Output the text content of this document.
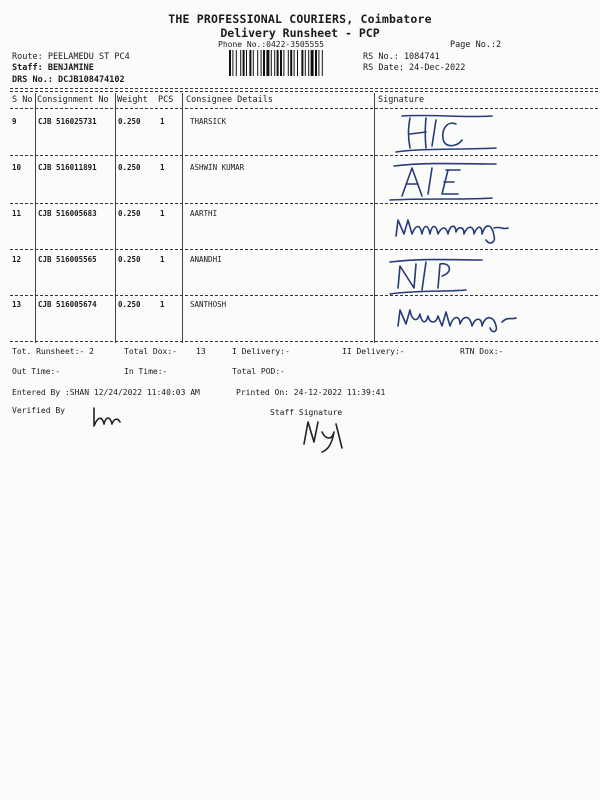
THE PROFESSIONAL COURIERS, Coimbatore
Delivery Runsheet - PCP
Phone No.:0422-3505555	Page No.:2
Route: PEELAMEDU ST PC4
Staff: BENJAMINE
DRS No.: DCJB108474102
RS No.: 1084741
RS Date: 24-Dec-2022
S No Consignment No Weight PCS Consignee Details	Signature
9	CJB 516025731	0.250	1	THARSICK
10 CJB 516011891	0.250	1	ASHWIN KUMAR
11 CJB 516005683	0.250	1	AARTHI
12 CJB 516005565	0.250	1	ANANDHI
13 CJB 516005674	0.250	1	SANTHOSH
Tot. Runsheet:- 2	Total Dox:- 13	I Delivery:-	II Delivery:-	RTN Dox:-
Out Time:-	In Time:-	Total POD:-
Entered By :SHAN 12/24/2022 11:40:03 AM	Printed On: 24-12-2022 11:39:41
Verified By	Staff Signature
